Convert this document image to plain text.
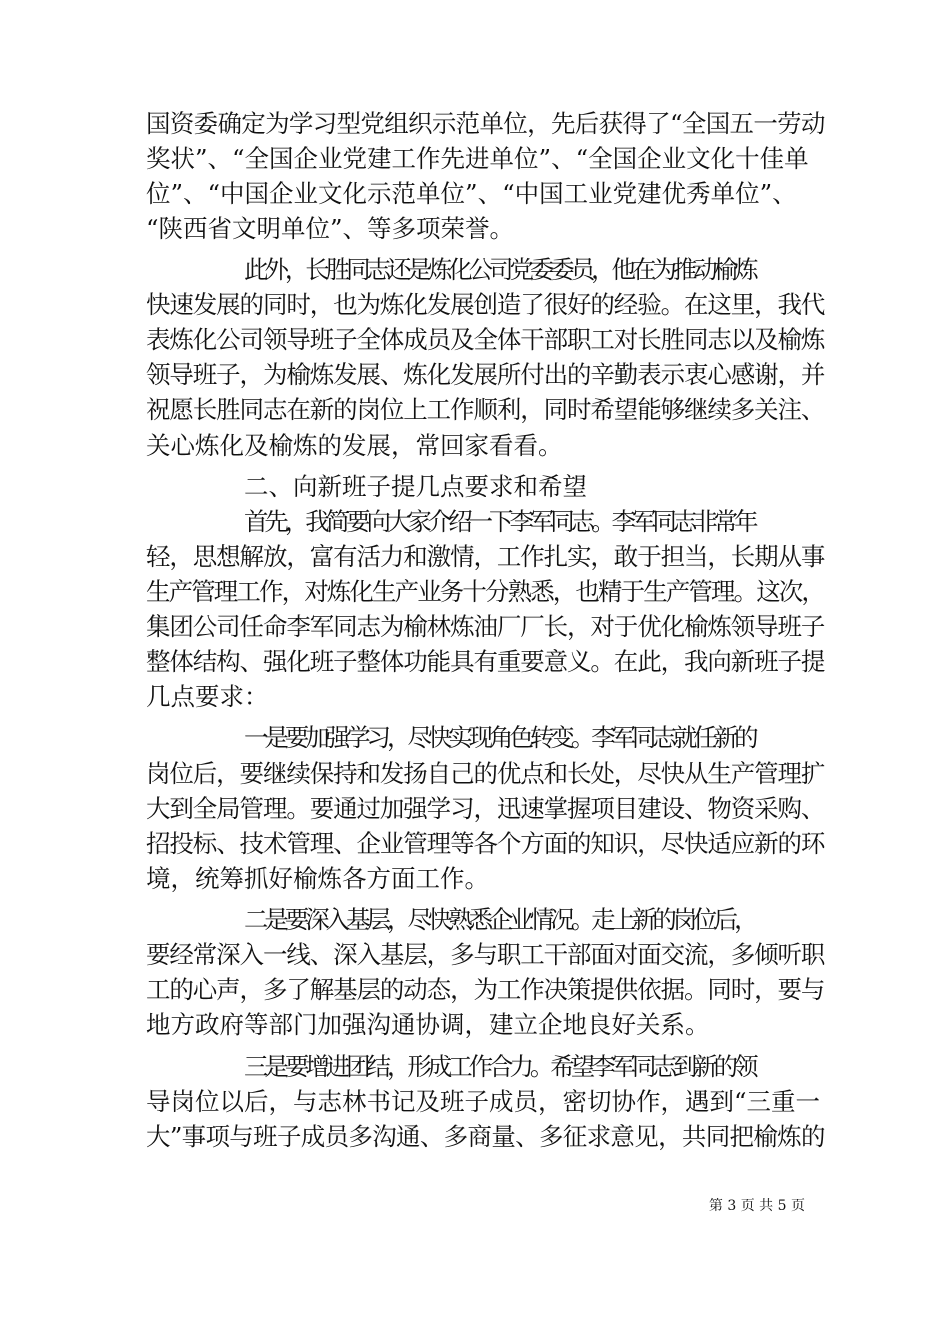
国资委确定为学习型党组织示范单位，先后获得了“全国五一劳动
奖状”、“全国企业党建工作先进单位”、“全国企业文化十佳单
位”、“中国企业文化示范单位”、“中国工业党建优秀单位”、
“陕西省文明单位”、等多项荣誉。
此外，长胜同志还是炼化公司党委委员，他在为推动榆炼
快速发展的同时，也为炼化发展创造了很好的经验。在这里，我代
表炼化公司领导班子全体成员及全体干部职工对长胜同志以及榆炼
领导班子，为榆炼发展、炼化发展所付出的辛勤表示衷心感谢，并
祝愿长胜同志在新的岗位上工作顺利，同时希望能够继续多关注、
关心炼化及榆炼的发展，常回家看看。
二、向新班子提几点要求和希望
首先，我简要向大家介绍一下李军同志。李军同志非常年
轻，思想解放，富有活力和激情，工作扎实，敢于担当，长期从事
生产管理工作，对炼化生产业务十分熟悉，也精于生产管理。这次，
集团公司任命李军同志为榆林炼油厂厂长，对于优化榆炼领导班子
整体结构、强化班子整体功能具有重要意义。在此，我向新班子提
几点要求：
一是要加强学习，尽快实现角色转变。李军同志就任新的
岗位后，要继续保持和发扬自己的优点和长处，尽快从生产管理扩
大到全局管理。要通过加强学习，迅速掌握项目建设、物资采购、
招投标、技术管理、企业管理等各个方面的知识，尽快适应新的环
境，统筹抓好榆炼各方面工作。
二是要深入基层，尽快熟悉企业情况。走上新的岗位后，
要经常深入一线、深入基层，多与职工干部面对面交流，多倾听职
工的心声，多了解基层的动态，为工作决策提供依据。同时，要与
地方政府等部门加强沟通协调，建立企地良好关系。
三是要增进团结，形成工作合力。希望李军同志到新的领
导岗位以后，与志林书记及班子成员，密切协作，遇到“三重一
大”事项与班子成员多沟通、多商量、多征求意见，共同把榆炼的
第 3 页 共 5 页
